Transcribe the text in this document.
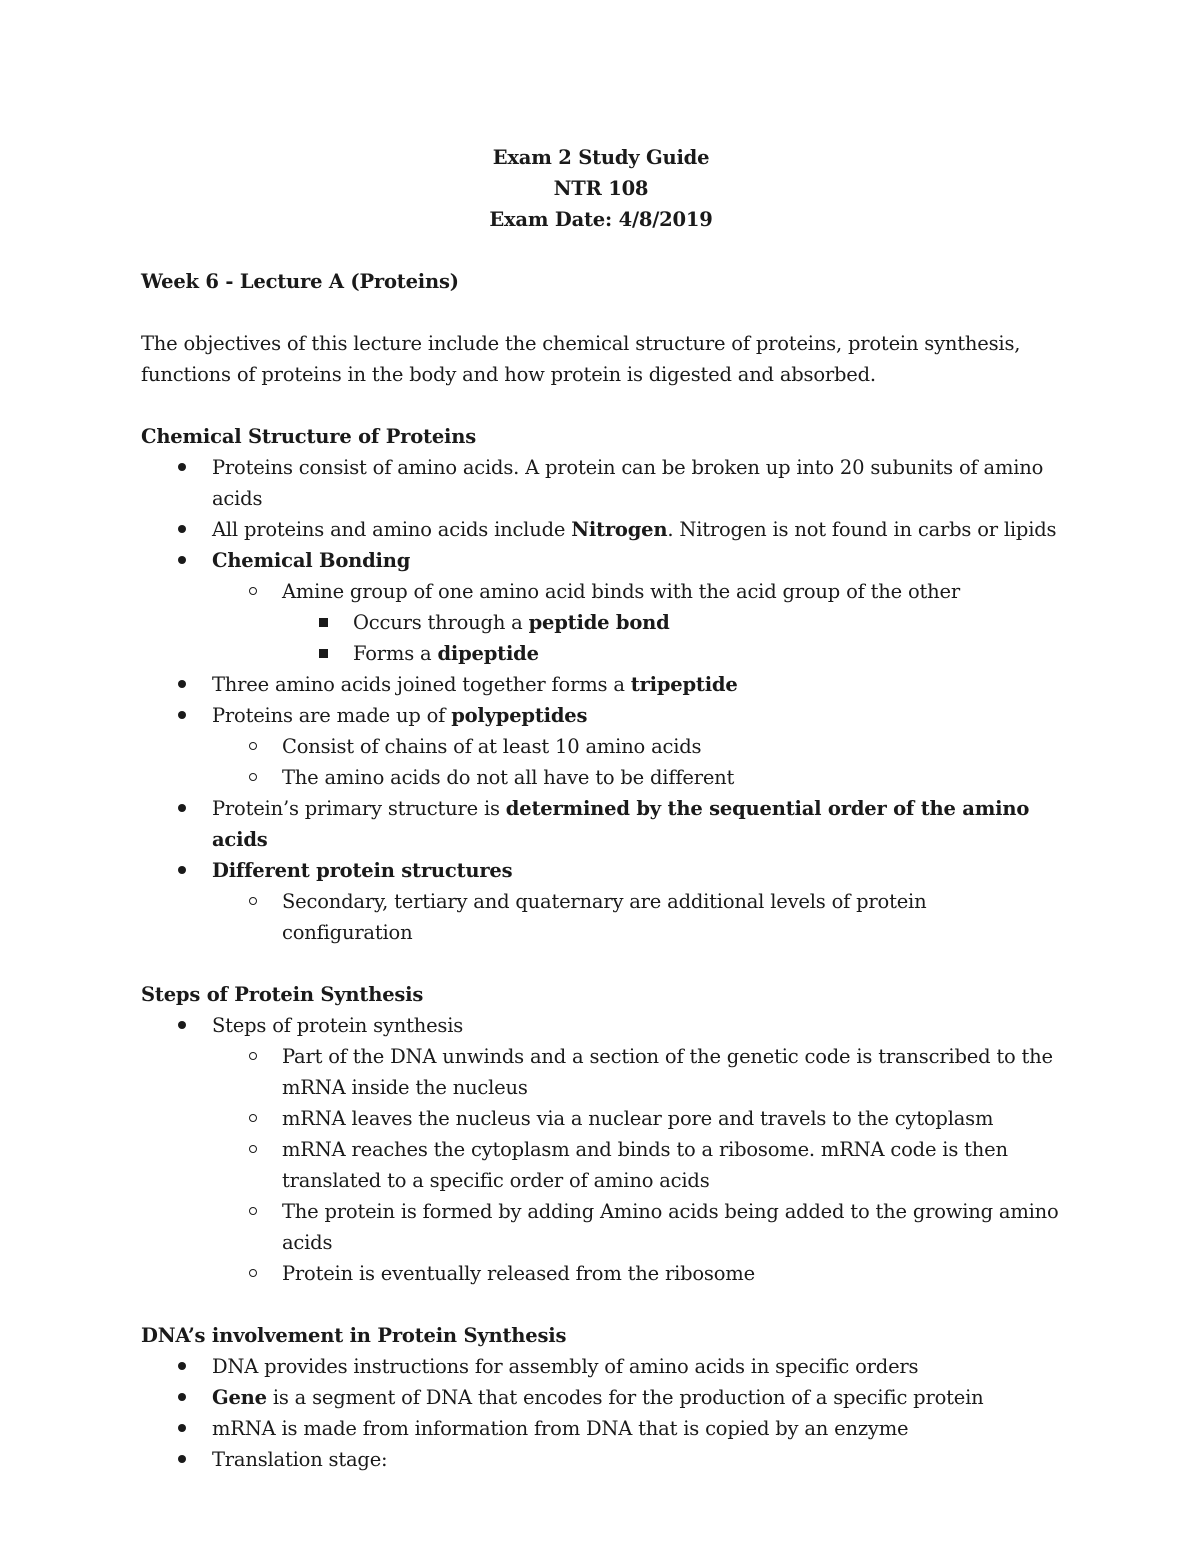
Exam 2 Study Guide
NTR 108
Exam Date: 4/8/2019
Week 6 - Lecture A (Proteins)

The objectives of this lecture include the chemical structure of proteins, protein synthesis, functions of proteins in the body and how protein is digested and absorbed.

Chemical Structure of Proteins
Proteins consist of amino acids. A protein can be broken up into 20 subunits of amino acids
All proteins and amino acids include Nitrogen. Nitrogen is not found in carbs or lipids
Chemical Bonding
Amine group of one amino acid binds with the acid group of the other
Occurs through a peptide bond
Forms a dipeptide
Three amino acids joined together forms a tripeptide
Proteins are made up of polypeptides
Consist of chains of at least 10 amino acids
The amino acids do not all have to be different
Protein’s primary structure is determined by the sequential order of the amino acids
Different protein structures
Secondary, tertiary and quaternary are additional levels of protein configuration
Steps of Protein Synthesis
Steps of protein synthesis
Part of the DNA unwinds and a section of the genetic code is transcribed to the mRNA inside the nucleus
mRNA leaves the nucleus via a nuclear pore and travels to the cytoplasm
mRNA reaches the cytoplasm and binds to a ribosome. mRNA code is then translated to a specific order of amino acids
The protein is formed by adding Amino acids being added to the growing amino acids
Protein is eventually released from the ribosome
DNA’s involvement in Protein Synthesis
DNA provides instructions for assembly of amino acids in specific orders
Gene is a segment of DNA that encodes for the production of a specific protein
mRNA is made from information from DNA that is copied by an enzyme
Translation stage:
